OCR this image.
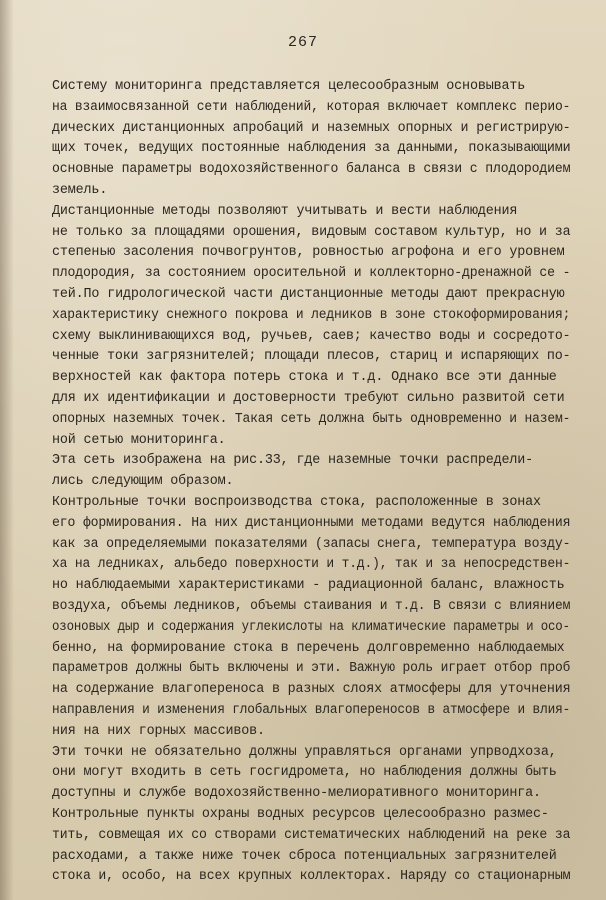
267
Систему мониторинга представляется целесообразным основывать
на взаимосвязанной сети наблюдений, которая включает комплекс перио-
дических дистанционных апробаций и наземных опорных и регистрирую-
щих точек, ведущих постоянные наблюдения за данными, показывающими
основные параметры водохозяйственного баланса в связи с плодородием
земель.
Дистанционные методы позволяют учитывать и вести наблюдения
не только за площадями орошения, видовым составом культур, но и за
степенью засоления почвогрунтов, ровностью агрофона и его уровнем
плодородия, за состоянием оросительной и коллекторно-дренажной се -
тей.По гидрологической части дистанционные методы дают прекрасную
характеристику снежного покрова и ледников в зоне стокоформирования;
схему выклинивающихся вод, ручьев, саев; качество воды и сосредото-
ченные токи загрязнителей; площади плесов, стариц и испаряющих по-
верхностей как фактора потерь стока и т.д. Однако все эти данные
для их идентификации и достоверности требуют сильно развитой сети
опорных наземных точек. Такая сеть должна быть одновременно и назем-
ной сетью мониторинга.
Эта сеть изображена на рис.33, где наземные точки распредели-
лись следующим образом.
Контрольные точки воспроизводства стока, расположенные в зонах
его формирования. На них дистанционными методами ведутся наблюдения
как за определяемыми показателями (запасы снега, температура возду-
ха на ледниках, альбедо поверхности и т.д.), так и за непосредствен-
но наблюдаемыми характеристиками - радиационной баланс, влажность
воздуха, объемы ледников, объемы стаивания и т.д. В связи с влиянием
озоновых дыр и содержания углекислоты на климатические параметры и осо-
бенно, на формирование стока в перечень долговременно наблюдаемых
параметров должны быть включены и эти. Важную роль играет отбор проб
на содержание влагопереноса в разных слоях атмосферы для уточнения
направления и изменения глобальных влагопереносов в атмосфере и влия-
ния на них горных массивов.
Эти точки не обязательно должны управляться органами упрводхоза,
они могут входить в сеть госгидромета, но наблюдения должны быть
доступны и службе водохозяйственно-мелиоративного мониторинга.
Контрольные пункты охраны водных ресурсов целесообразно размес-
тить, совмещая их со створами систематических наблюдений на реке за
расходами, а также ниже точек сброса потенциальных загрязнителей
стока и, особо, на всех крупных коллекторах. Наряду со стационарным
